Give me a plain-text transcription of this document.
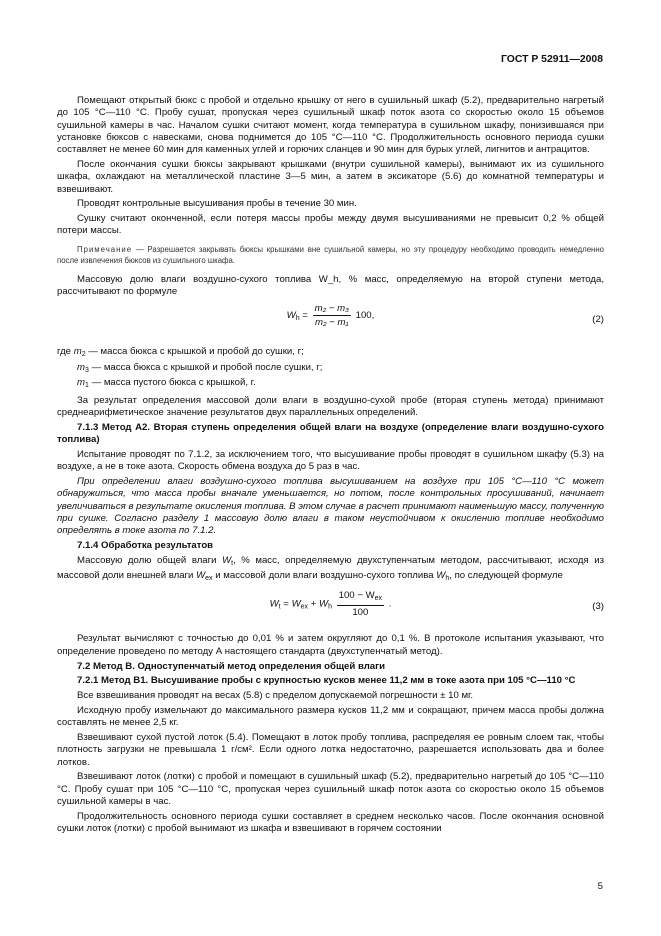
ГОСТ Р 52911—2008

Помещают открытый бюкс с пробой и отдельно крышку от него в сушильный шкаф (5.2), предварительно нагретый до 105 °С—110 °С. Пробу сушат, пропуская через сушильный шкаф поток азота со скоростью около 15 объемов сушильной камеры в час. Началом сушки считают момент, когда температура в сушильном шкафу, понизившаяся при установке бюксов с навесками, снова поднимется до 105 °С—110 °С. Продолжительность основного периода сушки составляет не менее 60 мин для каменных углей и горючих сланцев и 90 мин для бурых углей, лигнитов и антрацитов.

После окончания сушки бюксы закрывают крышками (внутри сушильной камеры), вынимают их из сушильного шкафа, охлаждают на металлической пластине 3—5 мин, а затем в эксикаторе (5.6) до комнатной температуры и взвешивают.

Проводят контрольные высушивания пробы в течение 30 мин.

Сушку считают оконченной, если потеря массы пробы между двумя высушиваниями не превысит 0,2 % общей потери массы.

Примечание — Разрешается закрывать бюксы крышками вне сушильной камеры, но эту процедуру необходимо проводить немедленно после извлечения бюксов из сушильного шкафа.

Массовую долю влаги воздушно-сухого топлива W_h, % масс, определяемую на второй ступени метода, рассчитывают по формуле

$W_h = \frac{\text{m₂ − m₃}}{\text{m₂ − m₁}} 100$,	(2)
где $m_2$ — масса бюкса с крышкой и пробой до сушки, г;
$m_3$ — масса бюкса с крышкой и пробой после сушки, г;
$m_1$ — масса пустого бюкса с крышкой, г.

За результат определения массовой доли влаги в воздушно-сухой пробе (вторая ступень метода) принимают среднеарифметическое значение результатов двух параллельных определений.

7.1.3 Метод А2. Вторая ступень определения общей влаги на воздухе (определение влаги воздушно-сухого топлива)

Испытание проводят по 7.1.2, за исключением того, что высушивание пробы проводят в сушильном шкафу (5.3) на воздухе, а не в токе азота. Скорость обмена воздуха до 5 раз в час.

При определении влаги воздушно-сухого топлива высушиванием на воздухе при 105 °С—110 °С может обнаружиться, что масса пробы вначале уменьшается, но потом, после контрольных просушиваний, начинает увеличиваться в результате окисления топлива. В этом случае в расчет принимают наименьшую массу, полученную при сушке. Согласно разделу 1 массовую долю влаги в таком неустойчивом к окислению топливе необходимо определять в токе азота по 7.1.2.

7.1.4 Обработка результатов

Массовую долю общей влаги $W_t$, % масс, определяемую двухступенчатым методом, рассчитывают, исходя из массовой доли внешней влаги $W_{ex}$ и массовой доли влаги воздушно-сухого топлива $W_h$, по следующей формуле

$W_t = W_{ex} + W_h \frac{100 - W_{ex}}{100}$ .	(3)

Результат вычисляют с точностью до 0,01 % и затем округляют до 0,1 %. В протоколе испытания указывают, что определение проведено по методу А настоящего стандарта (двухступенчатый метод).

7.2 Метод В. Одноступенчатый метод определения общей влаги

7.2.1 Метод В1. Высушивание пробы с крупностью кусков менее 11,2 мм в токе азота при 105 °С—110 °С

Все взвешивания проводят на весах (5.8) с пределом допускаемой погрешности ± 10 мг.

Исходную пробу измельчают до максимального размера кусков 11,2 мм и сокращают, причем масса пробы должна составлять не менее 2,5 кг.

Взвешивают сухой пустой лоток (5.4). Помещают в лоток пробу топлива, распределяя ее ровным слоем так, чтобы плотность загрузки не превышала 1 г/см². Если одного лотка недостаточно, разрешается использовать два и более лотков.

Взвешивают лоток (лотки) с пробой и помещают в сушильный шкаф (5.2), предварительно нагретый до 105 °С—110 °С. Пробу сушат при 105 °С—110 °С, пропуская через сушильный шкаф поток азота со скоростью около 15 объемов сушильной камеры в час.

Продолжительность основного периода сушки составляет в среднем несколько часов. После окончания основной сушки лоток (лотки) с пробой вынимают из шкафа и взвешивают в горячем состоянии

5
